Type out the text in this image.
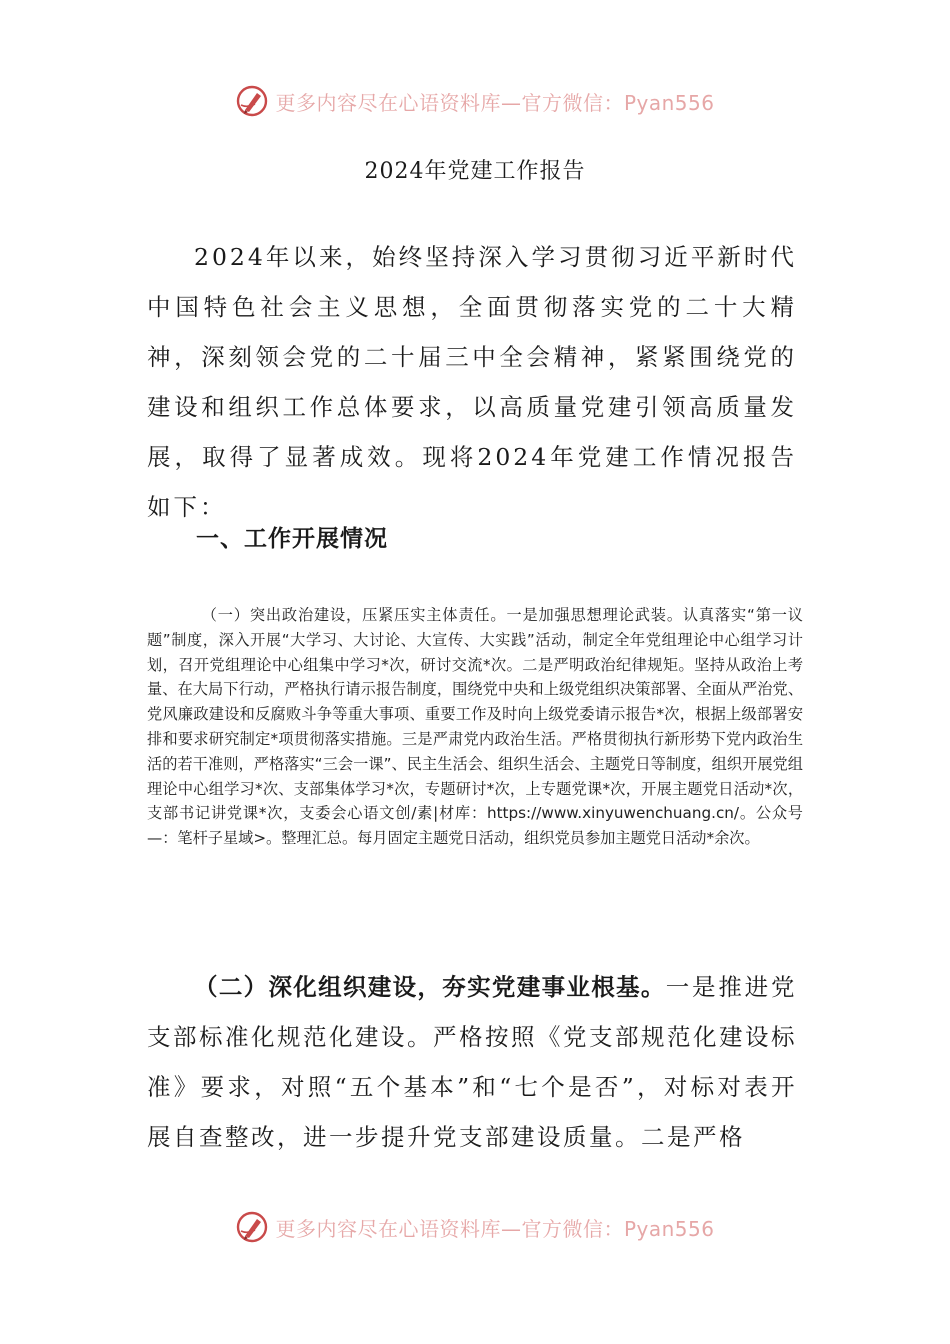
更多内容尽在心语资料库—官方微信：Pyan556
2024年党建工作报告

2024年以来，始终坚持深入学习贯彻习近平新时代中国特色社会主义思想，全面贯彻落实党的二十大精神，深刻领会党的二十届三中全会精神，紧紧围绕党的建设和组织工作总体要求，以高质量党建引领高质量发展，取得了显著成效。现将2024年党建工作情况报告如下：

一、工作开展情况

（一）突出政治建设，压紧压实主体责任。一是加强思想理论武装。认真落实“第一议题”制度，深入开展“大学习、大讨论、大宣传、大实践”活动，制定全年党组理论中心组学习计划，召开党组理论中心组集中学习*次，研讨交流*次。二是严明政治纪律规矩。坚持从政治上考量、在大局下行动，严格执行请示报告制度，围绕党中央和上级党组织决策部署、全面从严治党、党风廉政建设和反腐败斗争等重大事项、重要工作及时向上级党委请示报告*次，根据上级部署安排和要求研究制定*项贯彻落实措施。三是严肃党内政治生活。严格贯彻执行新形势下党内政治生活的若干准则，严格落实“三会一课”、民主生活会、组织生活会、主题党日等制度，组织开展党组理论中心组学习*次、支部集体学习*次，专题研讨*次，上专题党课*次，开展主题党日活动*次，支部书记讲党课*次，支委会心语文创/素|材库：https://www.xinyuwenchuang.cn/。公众号—：笔杆子星域>。整理汇总。每月固定主题党日活动，组织党员参加主题党日活动*余次。

（二）深化组织建设，夯实党建事业根基。一是推进党支部标准化规范化建设。严格按照《党支部规范化建设标准》要求，对照“五个基本”和“七个是否”，对标对表开展自查整改，进一步提升党支部建设质量。二是严格

更多内容尽在心语资料库—官方微信：Pyan556
